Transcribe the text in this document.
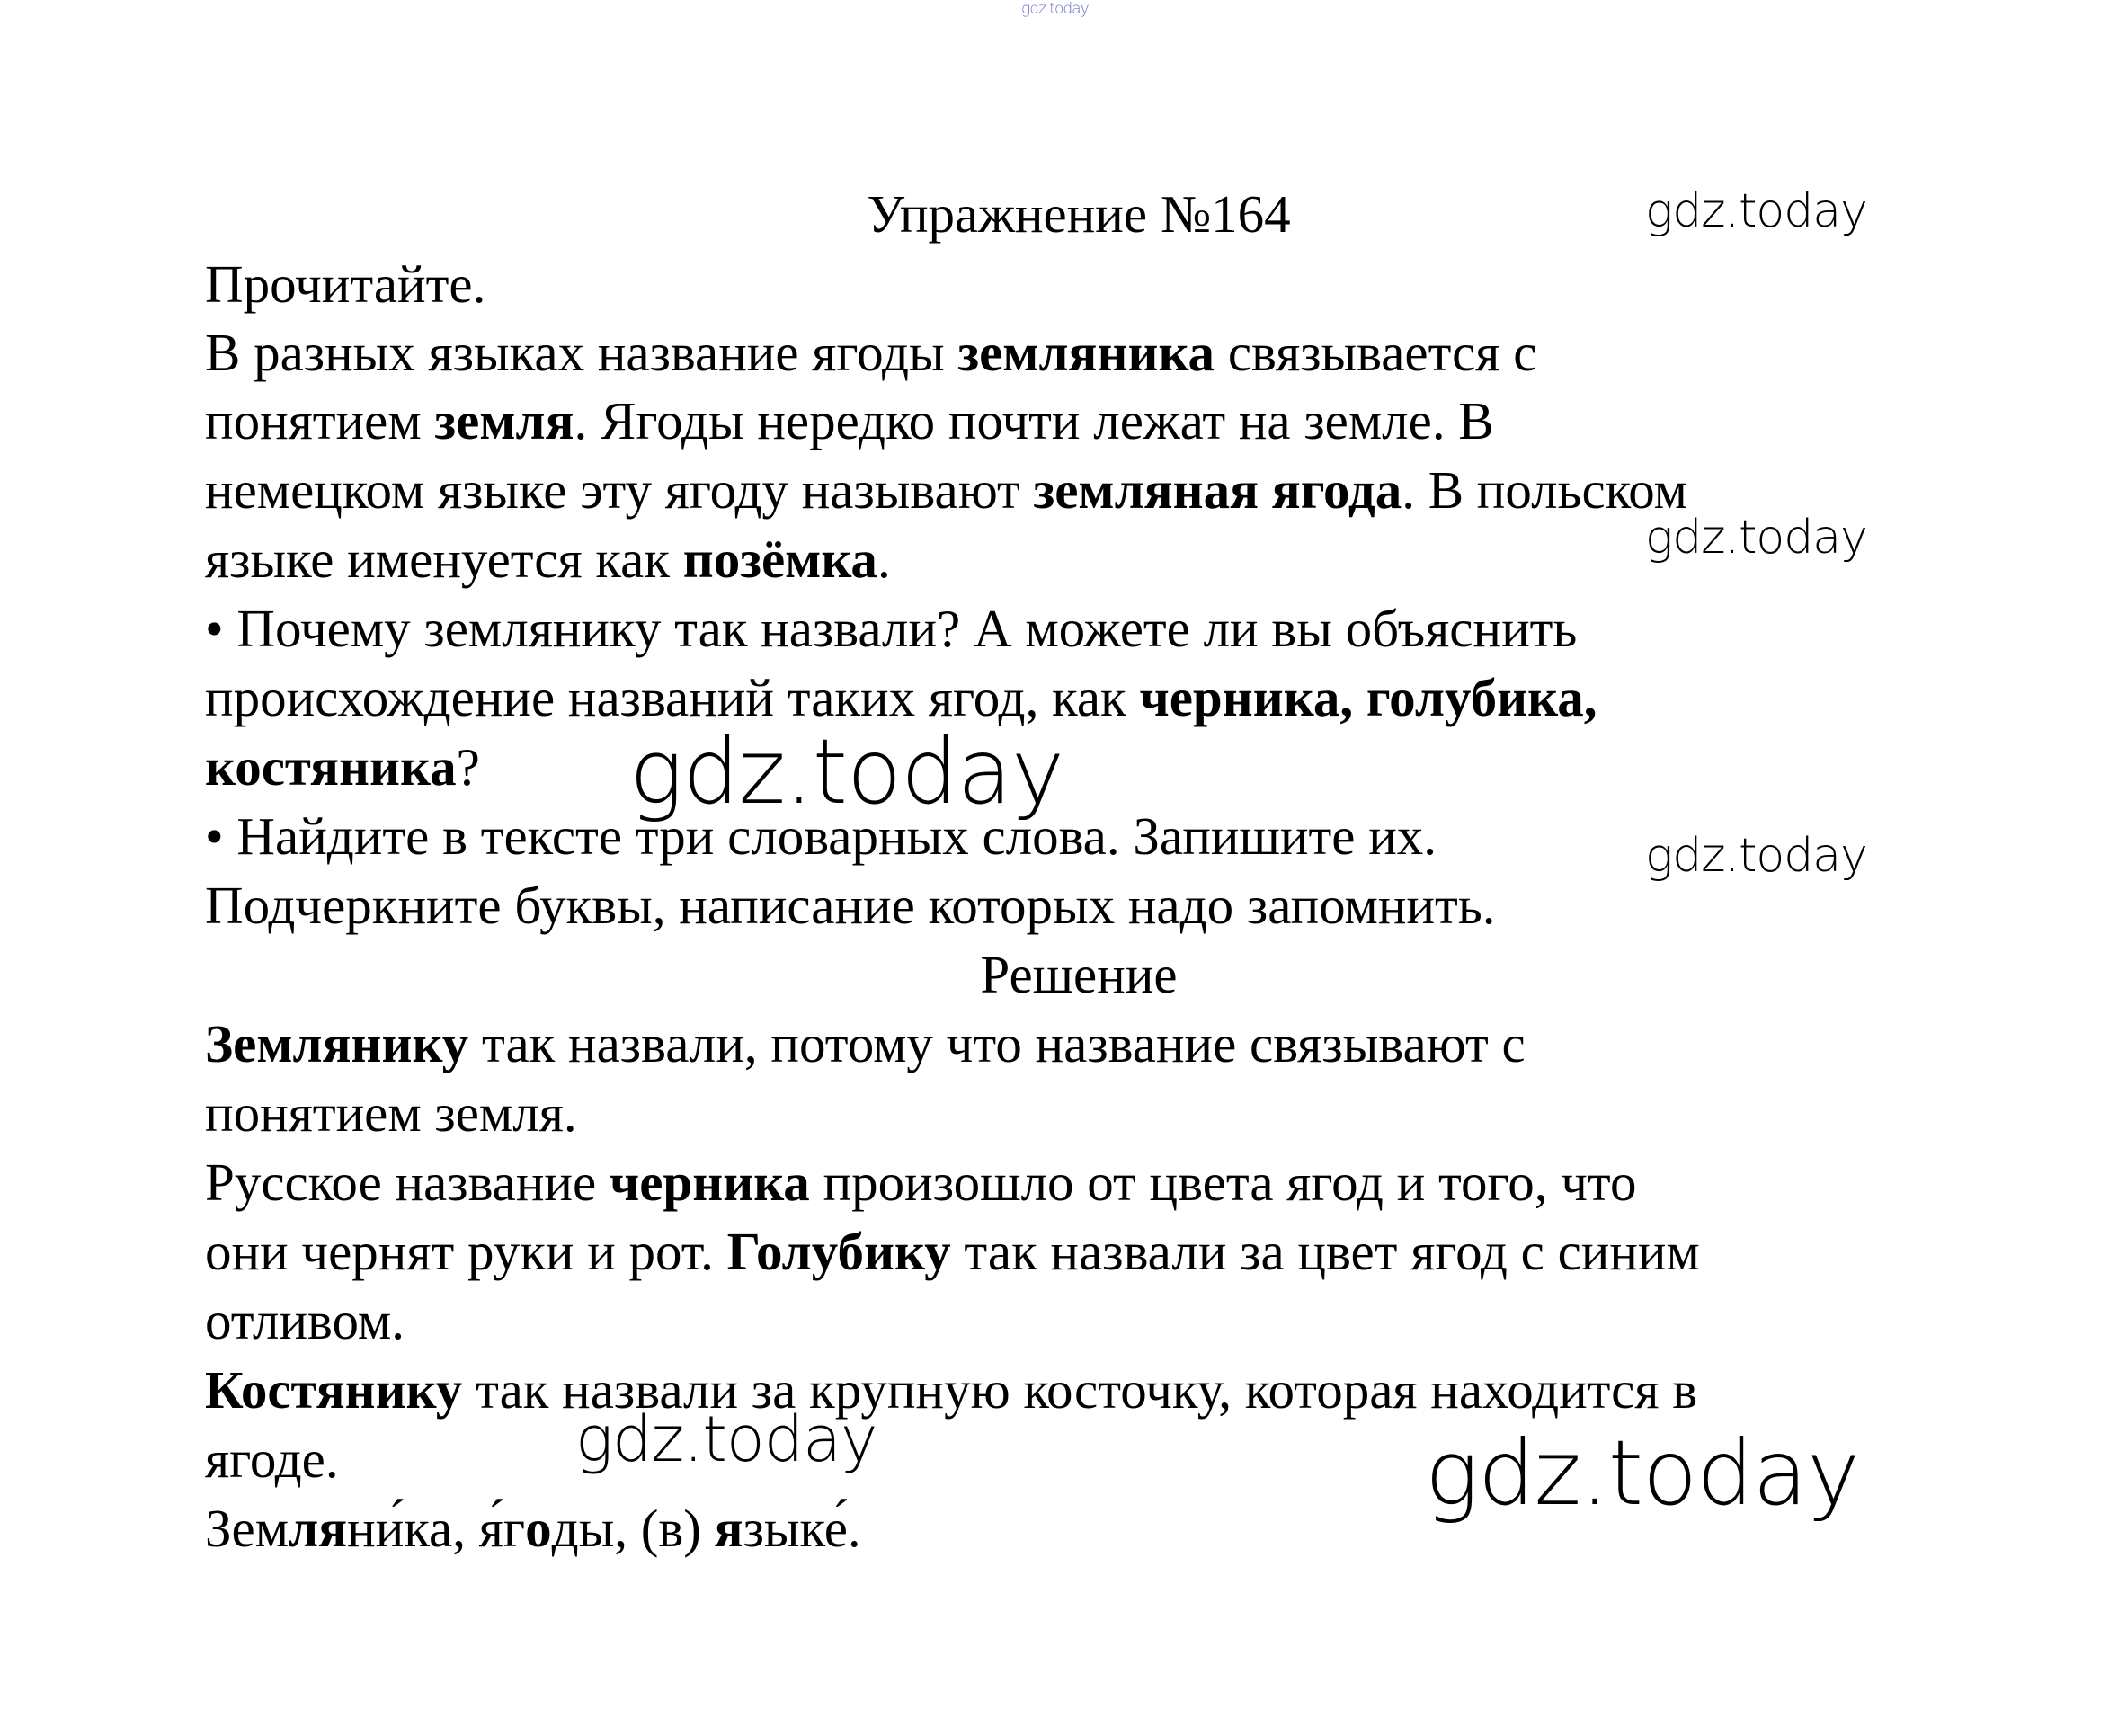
gdz.today
gdz.today
gdz.today
gdz.today
gdz.today
gdz.today	gdz.today
Упражнение №164
Прочитайте.
В разных языках название ягоды земляника связывается с
понятием земля. Ягоды нередко почти лежат на земле. В
немецком языке эту ягоду называют земляная ягода. В польском
языке именуется как позёмка.
• Почему землянику так назвали? А можете ли вы объяснить
происхождение названий таких ягод, как черника, голубика,
костяника?
• Найдите в тексте три словарных слова. Запишите их.
Подчеркните буквы, написание которых надо запомнить.
Решение
Землянику так назвали, потому что название связывают с
понятием земля.
Русское название черника произошло от цвета ягод и того, что
они чернят руки и рот. Голубику так назвали за цвет ягод с синим
отливом.
Костянику так назвали за крупную косточку, которая находится в
ягоде.
Земляни́ка, я́годы, (в) языке́.
